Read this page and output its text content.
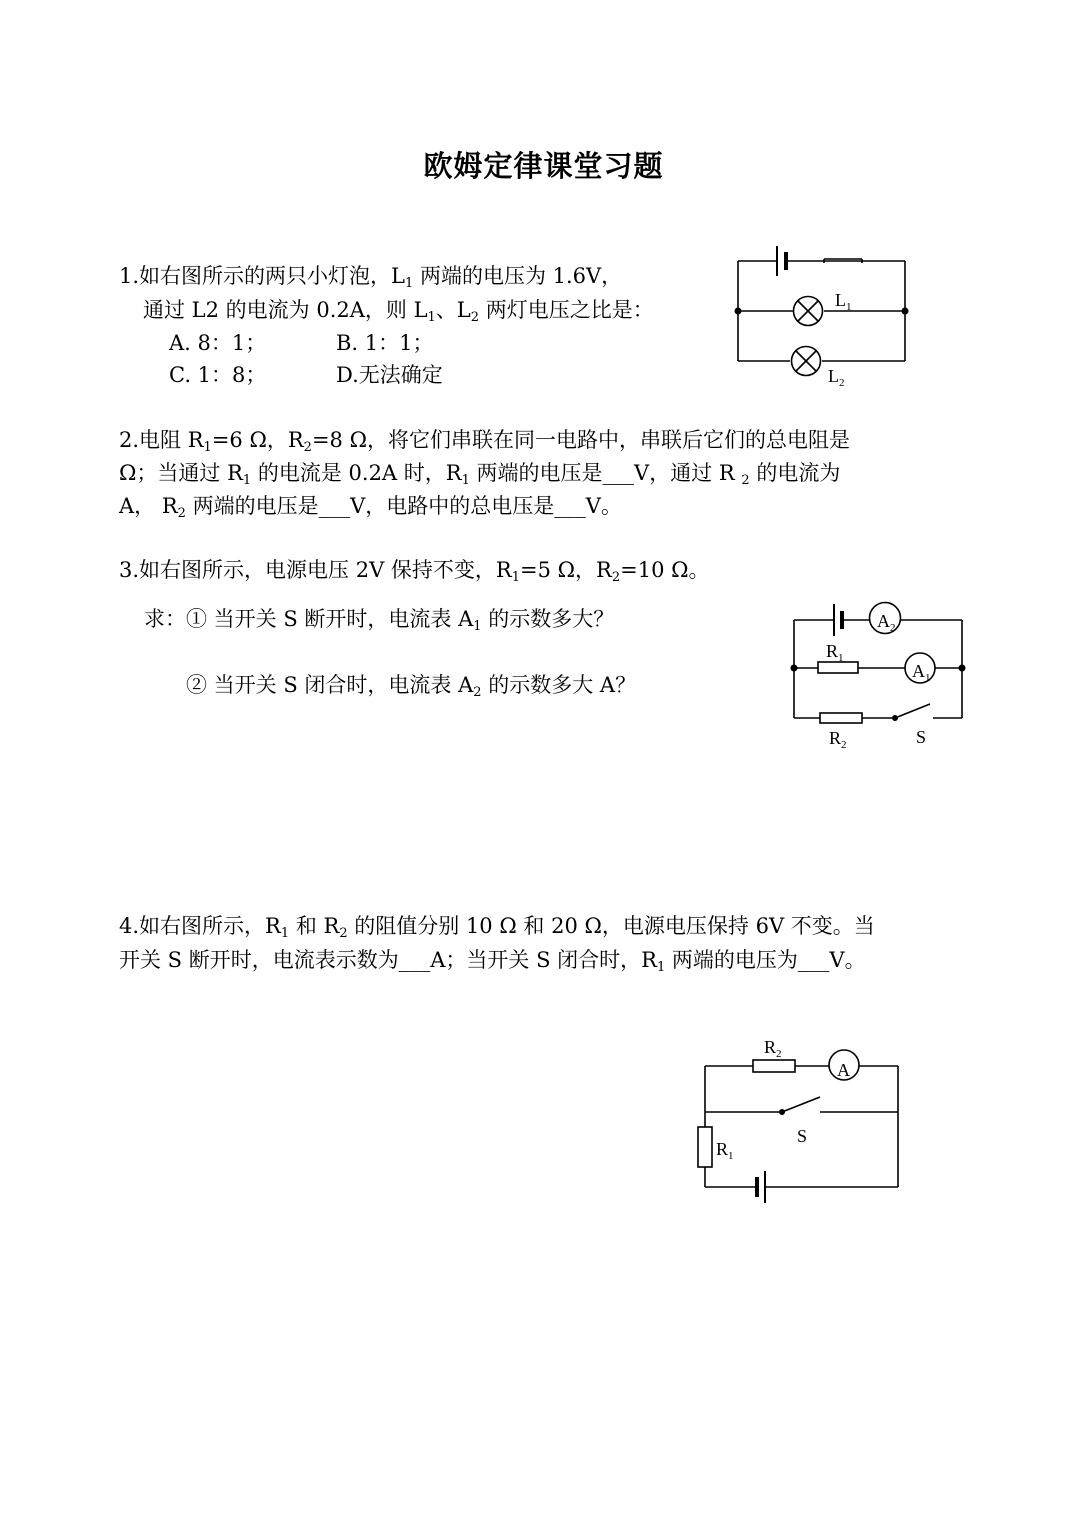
欧姆定律课堂习题
1.如右图所示的两只小灯泡，$L_1$ 两端的电压为 1.6V，
通过 L2 的电流为 0.2A，则 $L_1$、$L_2$ 两灯电压之比是：
A. 8：1；	B. 1：1；
C. 1：8；	D.无法确定
$L_1$
$L_2$
$A_2$
$R_1$
$A_1$
$R_2$	S
$R_2$
A
S
$R_1$
2.电阻 $R_1=6$ Ω，$R_2=8$ Ω，将它们串联在同一电路中，串联后它们的总电阻是
Ω；当通过 $R_1$ 的电流是 0.2A 时，$R_1$ 两端的电压是___V，通过 R $_2$ 的电流为
A， $R_2$ 两端的电压是___V，电路中的总电压是___V。
3.如右图所示，电源电压 2V 保持不变，$R_1=5$ Ω，$R_2=10$ Ω。
求：① 当开关 S 断开时，电流表 $A_1$ 的示数多大？
② 当开关 S 闭合时，电流表 $A_2$ 的示数多大 A？
4.如右图所示，$R_1$ 和 $R_2$ 的阻值分别 10 Ω 和 20 Ω，电源电压保持 6V 不变。当
开关 S 断开时，电流表示数为___A；当开关 S 闭合时，$R_1$ 两端的电压为___V。
